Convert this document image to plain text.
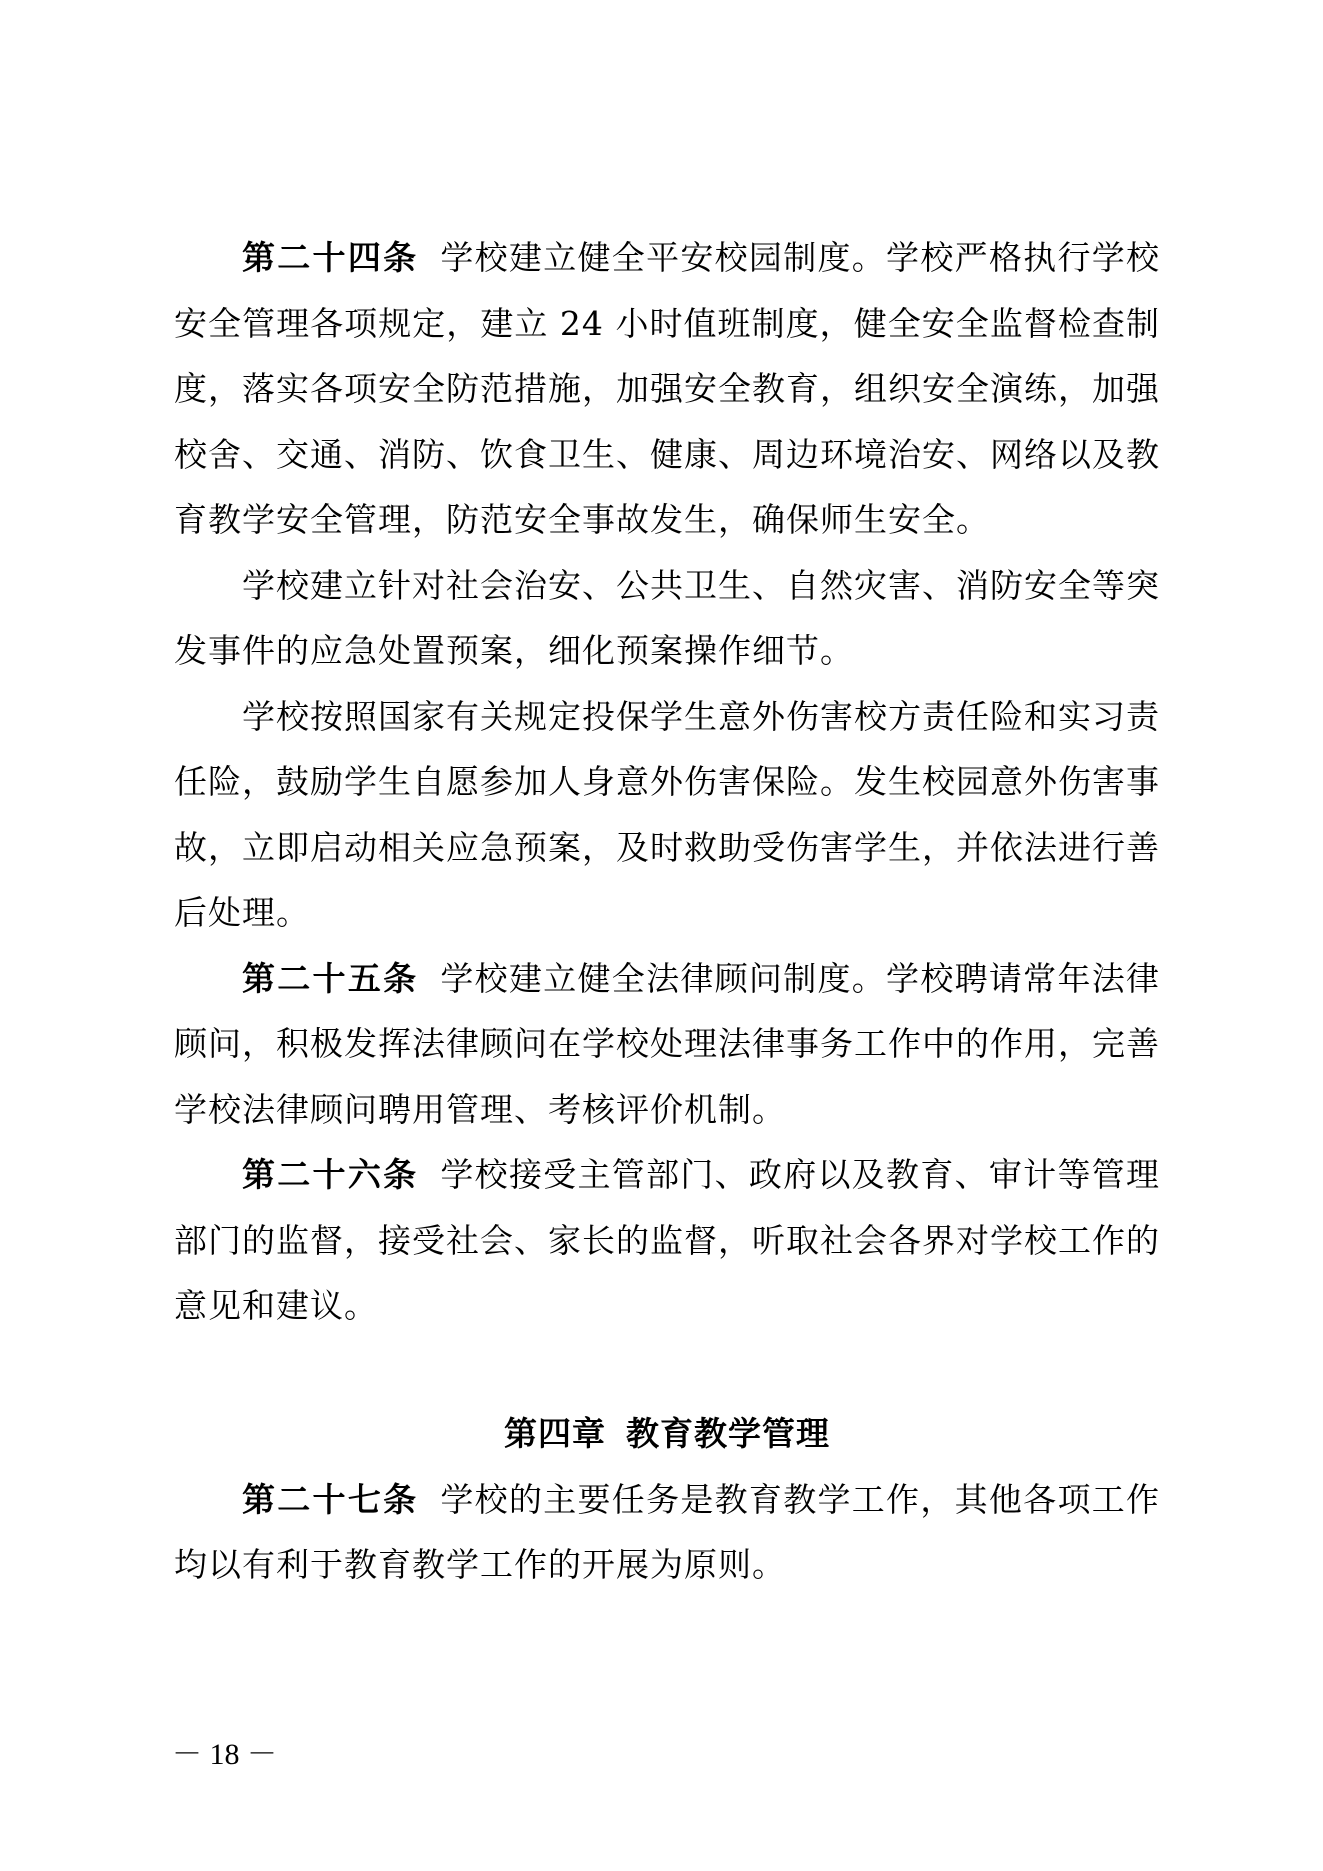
第二十四条 学校建立健全平安校园制度。学校严格执行学校安全管理各项规定，建立 24 小时值班制度，健全安全监督检查制度，落实各项安全防范措施，加强安全教育，组织安全演练，加强校舍、交通、消防、饮食卫生、健康、周边环境治安、网络以及教育教学安全管理，防范安全事故发生，确保师生安全。

学校建立针对社会治安、公共卫生、自然灾害、消防安全等突发事件的应急处置预案，细化预案操作细节。

学校按照国家有关规定投保学生意外伤害校方责任险和实习责任险，鼓励学生自愿参加人身意外伤害保险。发生校园意外伤害事故，立即启动相关应急预案，及时救助受伤害学生，并依法进行善后处理。

第二十五条 学校建立健全法律顾问制度。学校聘请常年法律顾问，积极发挥法律顾问在学校处理法律事务工作中的作用，完善学校法律顾问聘用管理、考核评价机制。

第二十六条 学校接受主管部门、政府以及教育、审计等管理部门的监督，接受社会、家长的监督，听取社会各界对学校工作的意见和建议。

第四章 教育教学管理

第二十七条 学校的主要任务是教育教学工作，其他各项工作均以有利于教育教学工作的开展为原则。

－ 18 －
